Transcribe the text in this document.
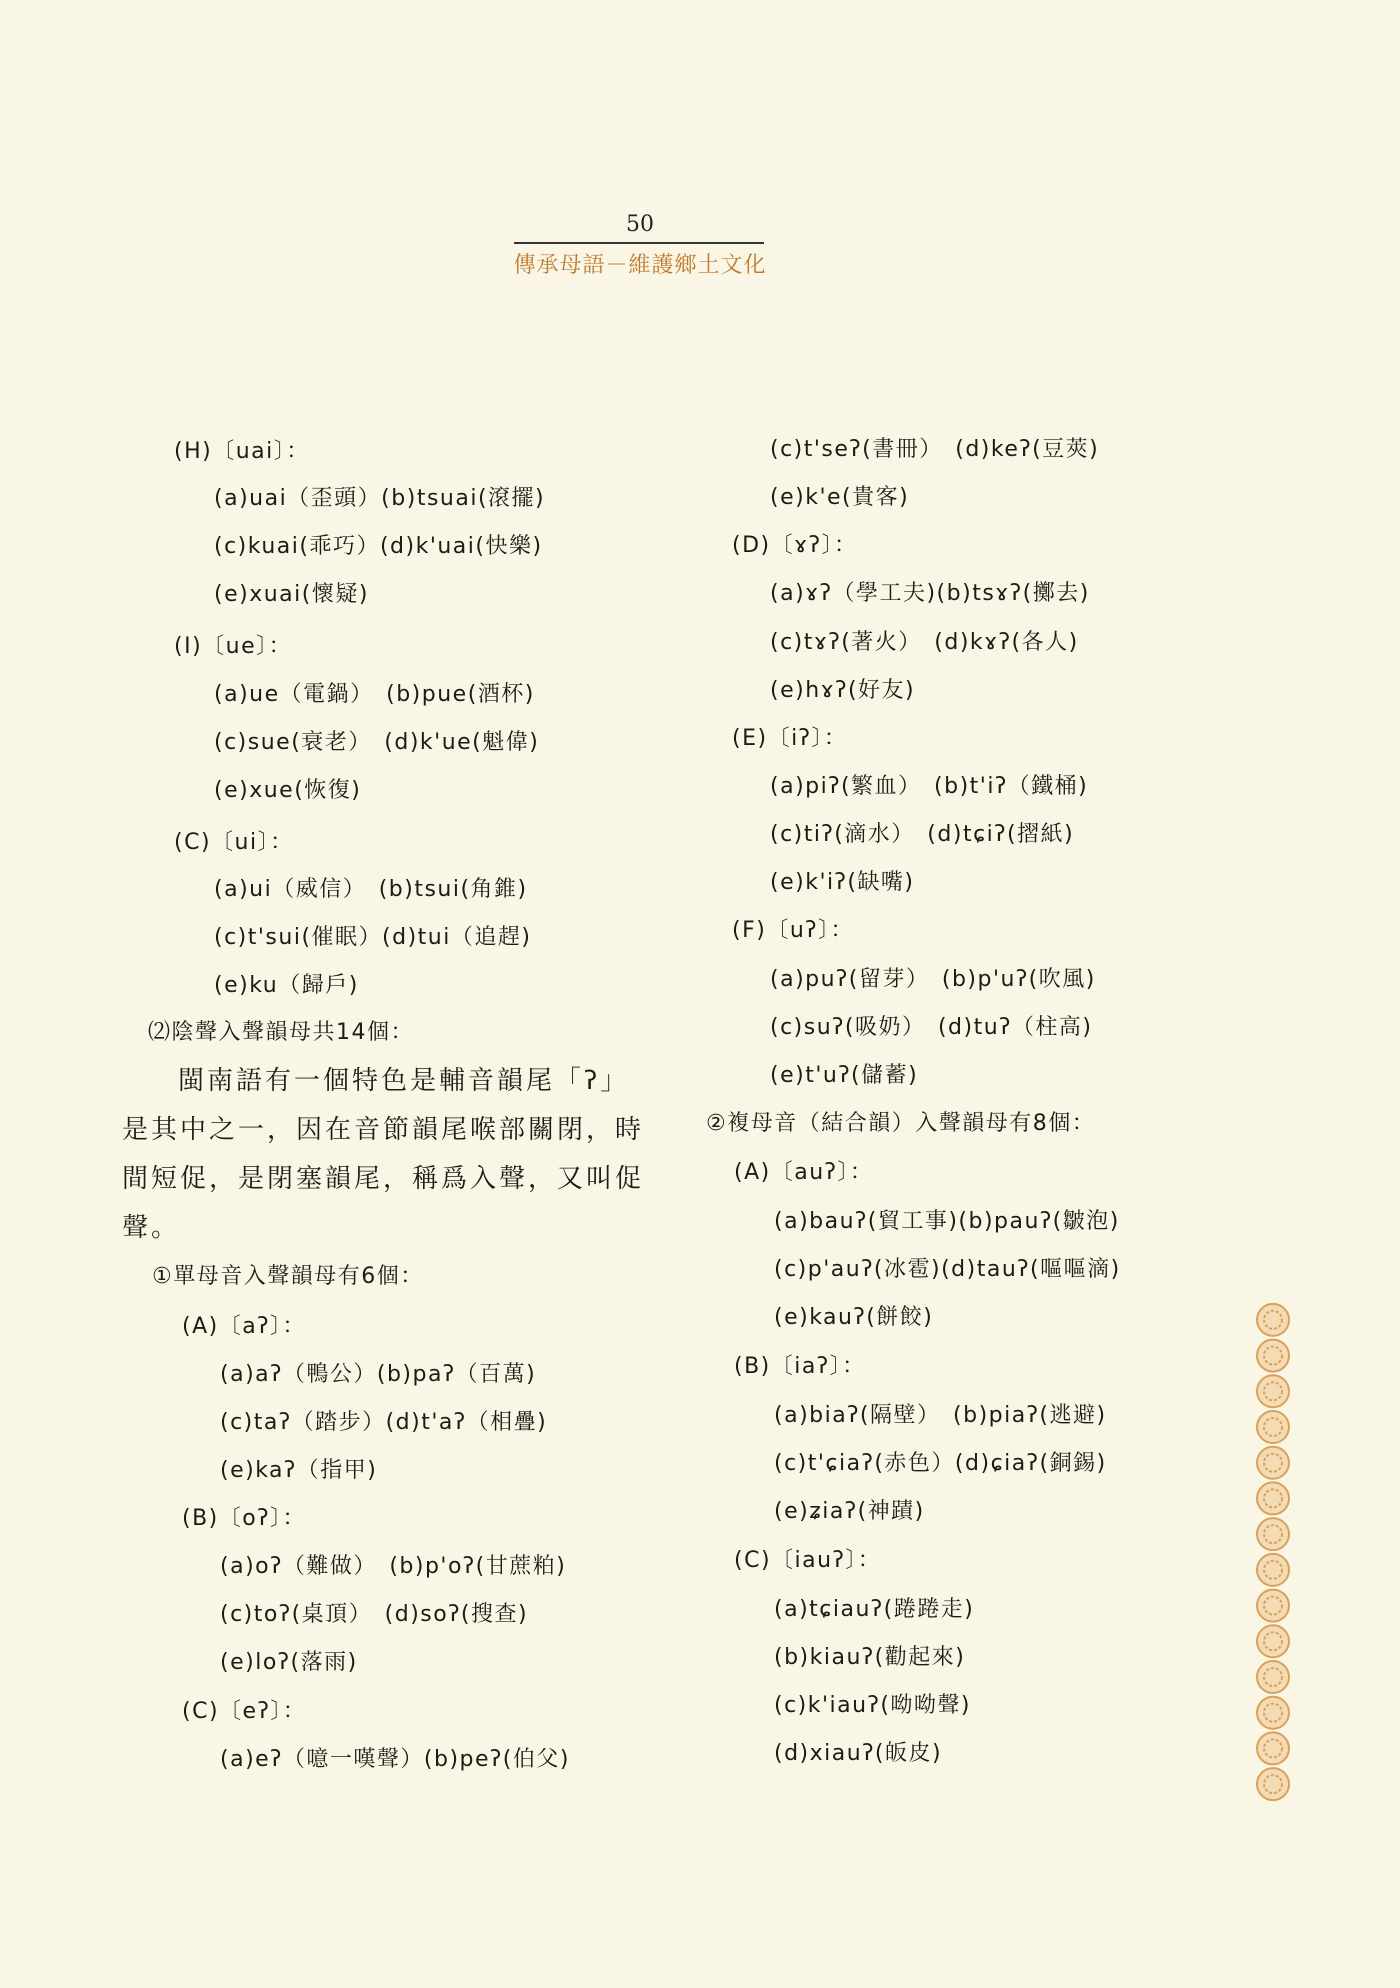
50
傳承母語－維護鄉土文化
(H)〔uai〕：
(a)uai（歪頭）(b)tsuai(滾擺)
(c)kuai(乖巧）(d)k'uai(快樂)
(e)xuai(懷疑)
(I)〔ue〕：
(a)ue（電鍋）　(b)pue(酒杯)
(c)sue(衰老）　(d)k'ue(魁偉)
(e)xue(恢復)
(C)〔ui〕：
(a)ui（威信）　(b)tsui(角錐)
(c)t'sui(催眠）(d)tui（追趕)
(e)ku（歸戶)
⑵陰聲入聲韻母共14個：
閩南語有一個特色是輔音韻尾「ʔ」
是其中之一，因在音節韻尾喉部關閉，時
間短促，是閉塞韻尾，稱爲入聲，又叫促
聲。
①單母音入聲韻母有6個：
(A)〔aʔ〕：
(a)aʔ（鴨公）(b)paʔ（百萬)
(c)taʔ（踏步）(d)t'aʔ（相疊)
(e)kaʔ（指甲)
(B)〔oʔ〕：
(a)oʔ（難做）　(b)p'oʔ(甘蔗粕)
(c)toʔ(桌頂）　(d)soʔ(搜查)
(e)loʔ(落雨)
(C)〔eʔ〕：
(a)eʔ（噫一嘆聲）(b)peʔ(伯父)
(c)t'seʔ(書冊）　(d)keʔ(豆莢)
(e)k'e(貴客)
(D)〔ɤʔ〕：
(a)ɤʔ（學工夫)(b)tsɤʔ(擲去)
(c)tɤʔ(著火）　(d)kɤʔ(各人)
(e)hɤʔ(好友)
(E)〔iʔ〕：
(a)piʔ(繁血）　(b)t'iʔ（鐵桶)
(c)tiʔ(滴水）　(d)tɕiʔ(摺紙)
(e)k'iʔ(缺嘴)
(F)〔uʔ〕：
(a)puʔ(留芽）　(b)p'uʔ(吹風)
(c)suʔ(吸奶）　(d)tuʔ（柱高)
(e)t'uʔ(儲蓄)
②複母音（結合韻）入聲韻母有8個：
(A)〔auʔ〕：
(a)bauʔ(貿工事)(b)pauʔ(皺泡)
(c)p'auʔ(冰雹)(d)tauʔ(嘔嘔滴)
(e)kauʔ(餅餃)
(B)〔iaʔ〕：
(a)biaʔ(隔壁）　(b)piaʔ(逃避)
(c)t'ɕiaʔ(赤色）(d)ɕiaʔ(銅錫)
(e)ʑiaʔ(神蹟)
(C)〔iauʔ〕：
(a)tɕiauʔ(踡踡走)
(b)kiauʔ(勸起來)
(c)k'iauʔ(呦呦聲)
(d)xiauʔ(皈皮)
